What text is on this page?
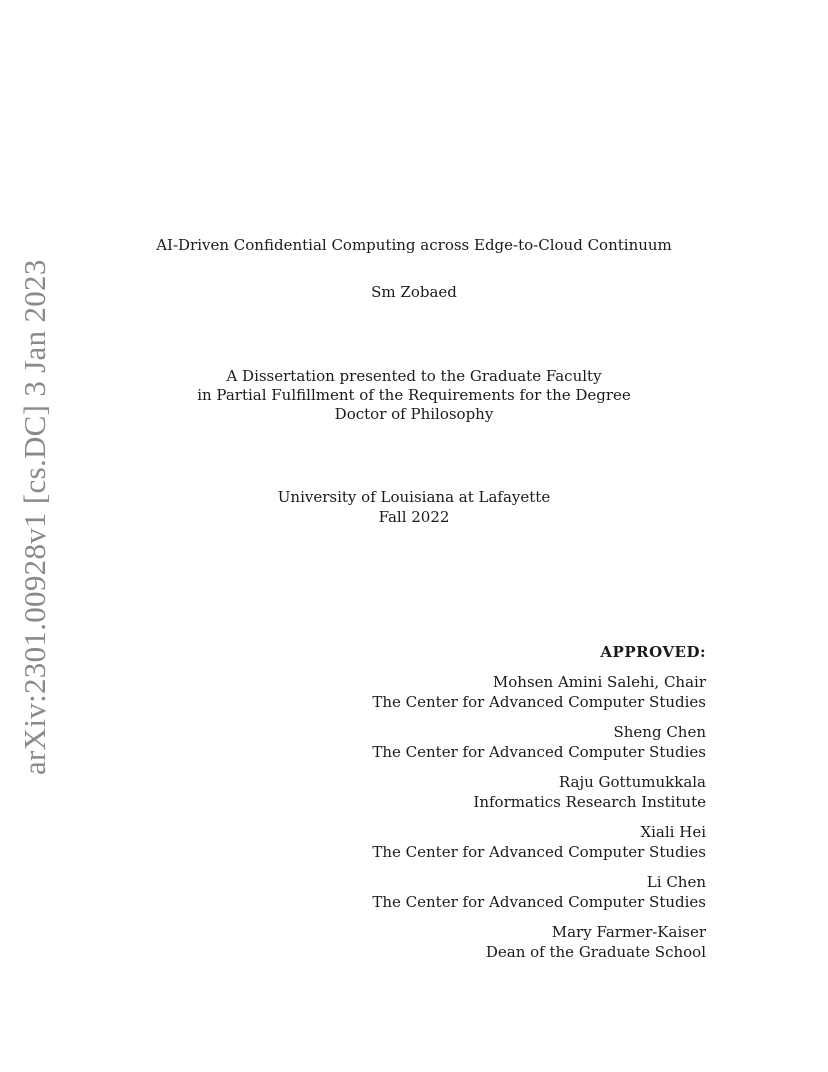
arXiv:2301.00928v1 [cs.DC] 3 Jan 2023
AI-Driven Confidential Computing across Edge-to-Cloud Continuum
Sm Zobaed
A Dissertation presented to the Graduate Faculty
in Partial Fulfillment of the Requirements for the Degree
Doctor of Philosophy
University of Louisiana at Lafayette
Fall 2022
APPROVED:
Mohsen Amini Salehi, Chair
The Center for Advanced Computer Studies
Sheng Chen
The Center for Advanced Computer Studies
Raju Gottumukkala
Informatics Research Institute
Xiali Hei
The Center for Advanced Computer Studies
Li Chen
The Center for Advanced Computer Studies
Mary Farmer-Kaiser
Dean of the Graduate School
